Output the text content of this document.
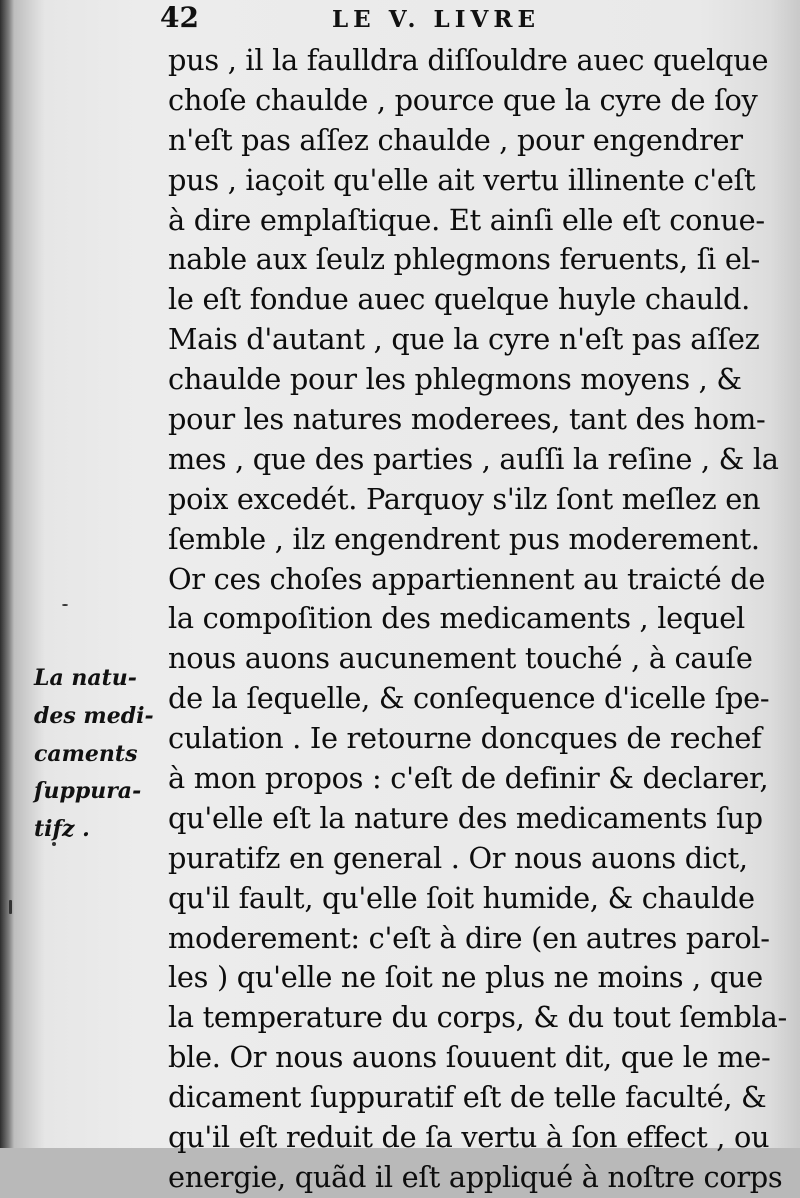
42	LE V. LIVRE
pus , il la faulldra diſſouldre auec quelque
choſe chaulde , pource que la cyre de ſoy
n'eſt pas aſſez chaulde , pour engendrer
pus , iaçoit qu'elle ait vertu illinente c'eſt
à dire emplaſtique. Et ainſi elle eſt conue-
nable aux ſeulz phlegmons feruents, ſi el-
le eſt fondue auec quelque huyle chauld.
Mais d'autant , que la cyre n'eſt pas aſſez
chaulde pour les phlegmons moyens , &
pour les natures moderees, tant des hom-
mes , que des parties , auſſi la reſine , & la
poix excedét. Parquoy s'ilz ſont meſlez en
ſemble , ilz engendrent pus moderement.
Or ces choſes appartiennent au traicté de
la compoſition des medicaments , lequel
nous auons aucunement touché , à cauſe
de la ſequelle, & conſequence d'icelle ſpe-
culation . Ie retourne doncques de rechef
à mon propos : c'eſt de definir & declarer,
qu'elle eſt la nature des medicaments ſup
puratifz en general . Or nous auons dict,
qu'il fault, qu'elle ſoit humide, & chaulde
moderement: c'eſt à dire (en autres parol-
les ) qu'elle ne ſoit ne plus ne moins , que
la temperature du corps, & du tout ſembla-
ble. Or nous auons ſouuent dit, que le me-
dicament ſuppuratif eſt de telle faculté, &
qu'il eſt reduit de ſa vertu à ſon effect , ou
energie, quãd il eſt appliqué à noſtre corps
La natu-
des medi-
caments
ſuppura-
tifz .
